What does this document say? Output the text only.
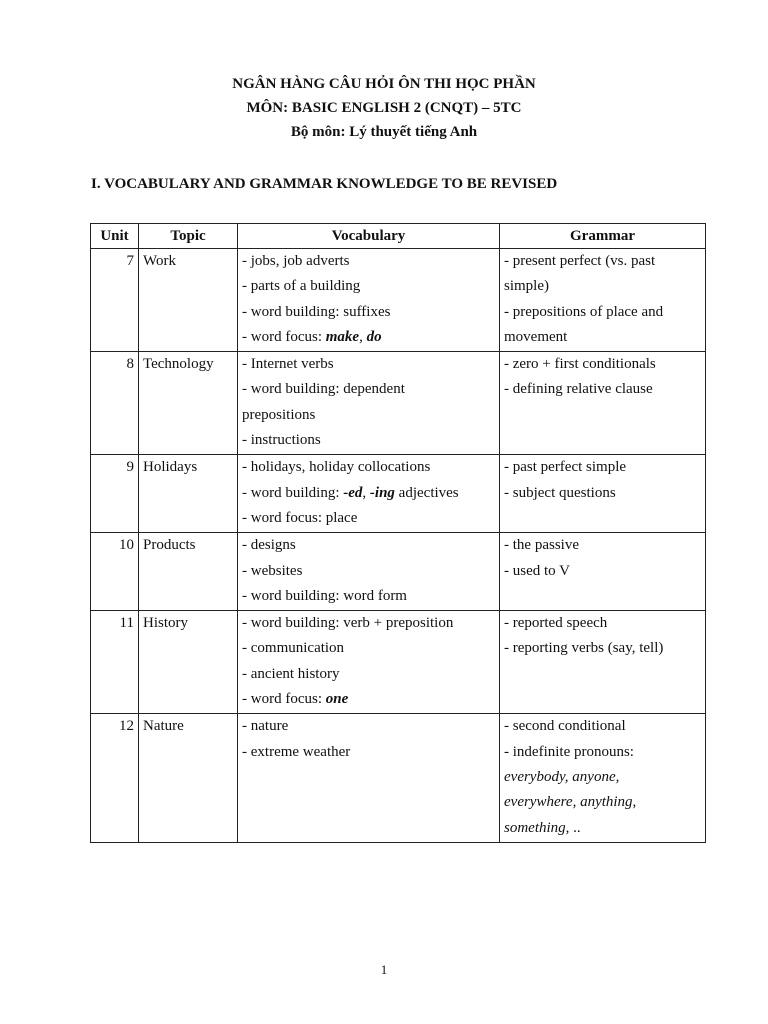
NGÂN HÀNG CÂU HỎI ÔN THI HỌC PHẦN
MÔN: BASIC ENGLISH 2 (CNQT) – 5TC
Bộ môn: Lý thuyết tiếng Anh
I. VOCABULARY AND GRAMMAR KNOWLEDGE TO BE REVISED
Unit	Topic	Vocabulary	Grammar
7	Work	- jobs, job adverts
- parts of a building
- word building: suffixes
- word focus: make, do	- present perfect (vs. past
simple)
- prepositions of place and
movement

8	Technology	- Internet verbs
- word building: dependent
prepositions
- instructions	- zero + first conditionals
- defining relative clause

9	Holidays	- holidays, holiday collocations
- word building: -ed, -ing adjectives
- word focus: place	- past perfect simple
- subject questions

10	Products	- designs
- websites
- word building: word form	- the passive
- used to V

11	History	- word building: verb + preposition
- communication
- ancient history
- word focus: one	- reported speech
- reporting verbs (say, tell)

12	Nature	- nature
- extreme weather	- second conditional
- indefinite pronouns:
everybody, anyone,
everywhere, anything,
something, ..
1
